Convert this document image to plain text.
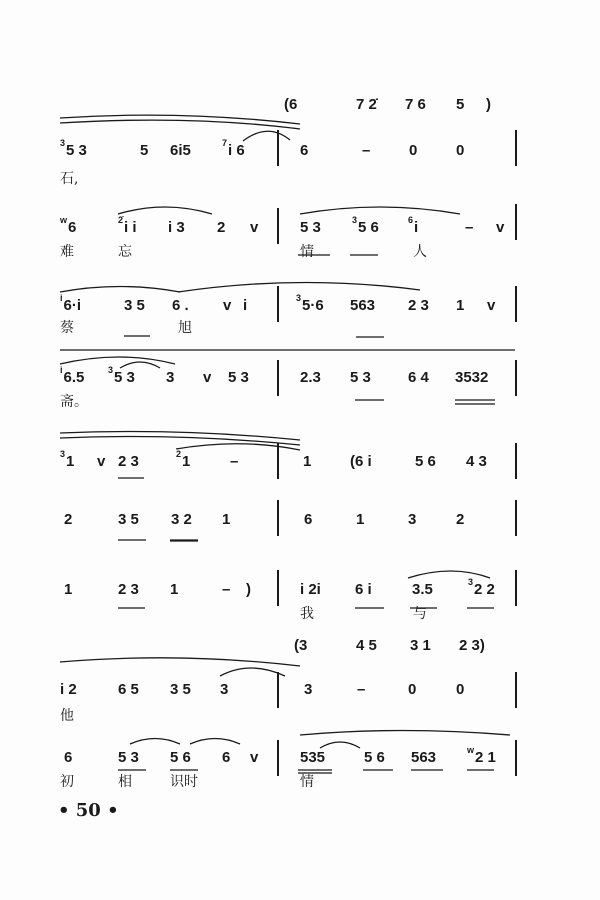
(6	7 2̇ 7 6 5 )
$^3$5 3	5 6i5	$^7$i 6	6	–	0	0
石,
$^w$6	$^{2̇}$i i i 3 2 v	5 3	$^3$5 6	$^6$i	– v
难	忘	情	人
$^i$6·i	3 5 6 . v i	$^3$5·6 563 2 3 1 v
蔡	旭
$^i$6.5	$^3$5 3 3 v 5 3	2.3 5 3 6 4 3532
斋。
$^3$1 v 2 3	$^2$1	–	1	(6 i	5 6 4 3
2	3 5 3 2 1	6	1	3	2
1	2 3 1	– )	i 2i 6 i	3.5	$^3$2 2
我	与
(3	4 5 3 1 2 3)
i 2	6 5 3 5 3	3	–	0	0
他
6	5 3 5 6 6 v	535	5 6 563	$^w$2 1
初	相	识时	情
• 50 •
